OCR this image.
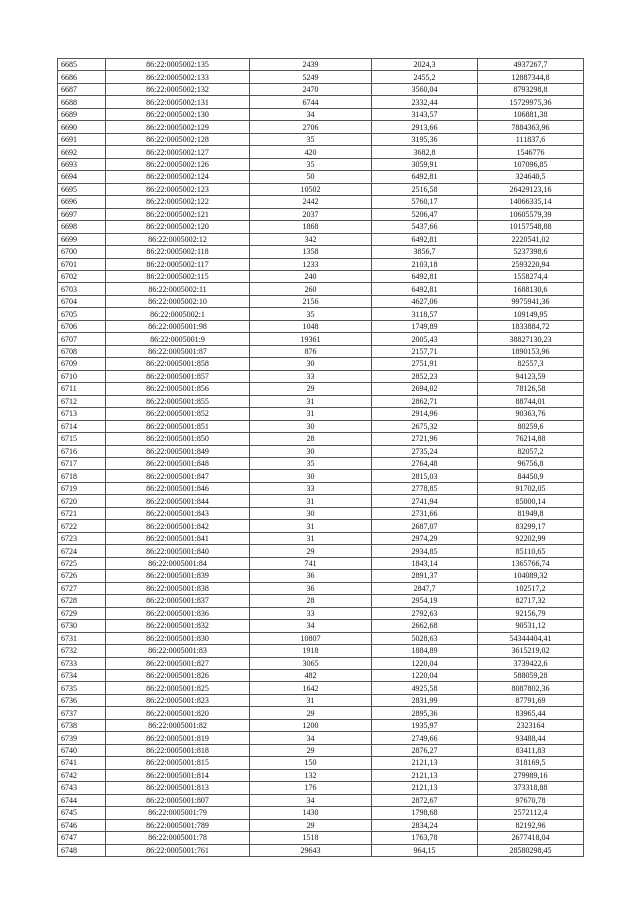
6685	86:22:0005002:135	2439	2024,3	4937267,7
6686	86:22:0005002:133	5249	2455,2	12887344,8
6687	86:22:0005002:132	2470	3560,04	8793298,8
6688	86:22:0005002:131	6744	2332,44	15729975,36
6689	86:22:0005002:130	34	3143,57	106881,38
6690	86:22:0005002:129	2706	2913,66	7884363,96
6691	86:22:0005002:128	35	3195,36	111837,6
6692	86:22:0005002:127	420	3682,8	1546776
6693	86:22:0005002:126	35	3059,91	107096,85
6694	86:22:0005002:124	50	6492,81	324640,5
6695	86:22:0005002:123	10502	2516,58	26429123,16
6696	86:22:0005002:122	2442	5760,17	14066335,14
6697	86:22:0005002:121	2037	5206,47	10605579,39
6698	86:22:0005002:120	1868	5437,66	10157548,88
6699	86:22:0005002:12	342	6492,81	2220541,02
6700	86:22:0005002:118	1358	3856,7	5237398,6
6701	86:22:0005002:117	1233	2103,18	2593220,94
6702	86:22:0005002:115	240	6492,81	1558274,4
6703	86:22:0005002:11	260	6492,81	1688130,6
6704	86:22:0005002:10	2156	4627,06	9975941,36
6705	86:22:0005002:1	35	3118,57	109149,95
6706	86:22:0005001:98	1048	1749,89	1833884,72
6707	86:22:0005001:9	19361	2005,43	38827130,23
6708	86:22:0005001:87	876	2157,71	1890153,96
6709	86:22:0005001:858	30	2751,91	82557,3
6710	86:22:0005001:857	33	2852,23	94123,59
6711	86:22:0005001:856	29	2694,02	78126,58
6712	86:22:0005001:855	31	2862,71	88744,01
6713	86:22:0005001:852	31	2914,96	90363,76
6714	86:22:0005001:851	30	2675,32	80259,6
6715	86:22:0005001:850	28	2721,96	76214,88
6716	86:22:0005001:849	30	2735,24	82057,2
6717	86:22:0005001:848	35	2764,48	96756,8
6718	86:22:0005001:847	30	2815,03	84450,9
6719	86:22:0005001:846	33	2778,85	91702,05
6720	86:22:0005001:844	31	2741,94	85000,14
6721	86:22:0005001:843	30	2731,66	81949,8
6722	86:22:0005001:842	31	2687,07	83299,17
6723	86:22:0005001:841	31	2974,29	92202,99
6724	86:22:0005001:840	29	2934,85	85110,65
6725	86:22:0005001:84	741	1843,14	1365766,74
6726	86:22:0005001:839	36	2891,37	104089,32
6727	86:22:0005001:838	36	2847,7	102517,2
6728	86:22:0005001:837	28	2954,19	82717,32
6729	86:22:0005001:836	33	2792,63	92156,79
6730	86:22:0005001:832	34	2662,68	90531,12
6731	86:22:0005001:830	10807	5028,63	54344404,41
6732	86:22:0005001:83	1918	1884,89	3615219,02
6733	86:22:0005001:827	3065	1220,04	3739422,6
6734	86:22:0005001:826	482	1220,04	588059,28
6735	86:22:0005001:825	1642	4925,58	8087802,36
6736	86:22:0005001:823	31	2831,99	87791,69
6737	86:22:0005001:820	29	2895,36	83965,44
6738	86:22:0005001:82	1200	1935,97	2323164
6739	86:22:0005001:819	34	2749,66	93488,44
6740	86:22:0005001:818	29	2876,27	83411,83
6741	86:22:0005001:815	150	2121,13	318169,5
6742	86:22:0005001:814	132	2121,13	279989,16
6743	86:22:0005001:813	176	2121,13	373318,88
6744	86:22:0005001:807	34	2872,67	97670,78
6745	86:22:0005001:79	1430	1798,68	2572112,4
6746	86:22:0005001:789	29	2834,24	82192,96
6747	86:22:0005001:78	1518	1763,78	2677418,04
6748	86:22:0005001:761	29643	964,15	28580298,45
